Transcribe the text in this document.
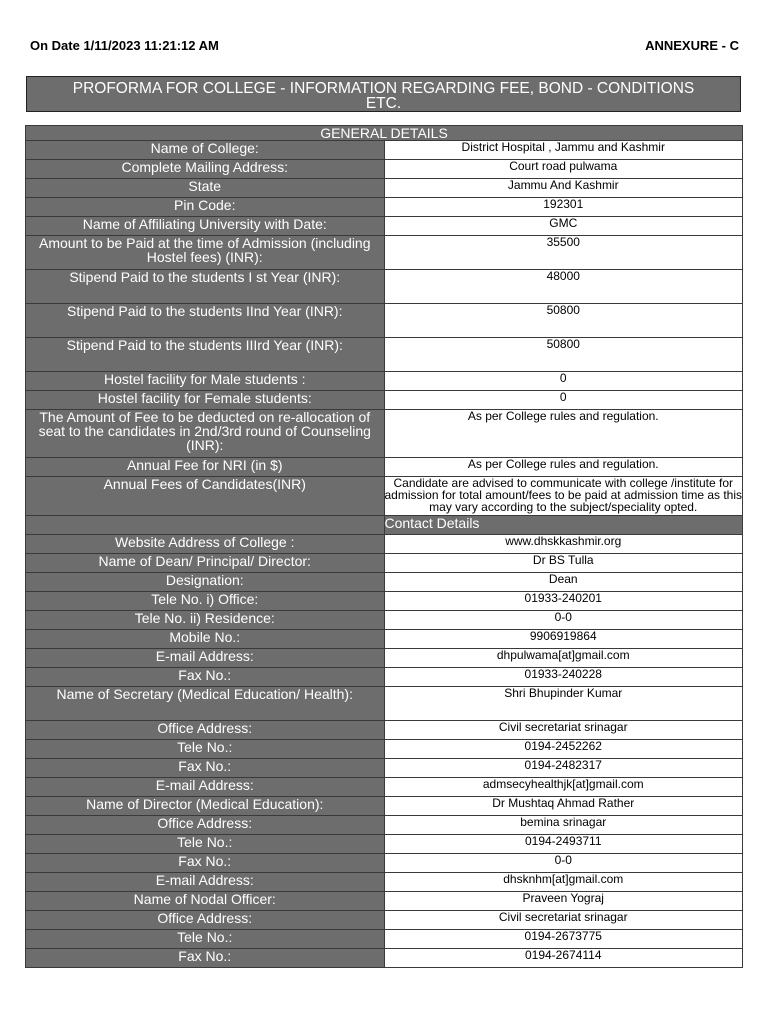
On Date 1/11/2023 11:21:12 AM	ANNEXURE - C
PROFORMA FOR COLLEGE - INFORMATION REGARDING FEE, BOND - CONDITIONS
ETC.
GENERAL DETAILS	
Name of College:	District Hospital , Jammu and Kashmir
Complete Mailing Address:	Court road pulwama
State	Jammu And Kashmir
Pin Code:	192301
Name of Affiliating University with Date:	GMC
Amount to be Paid at the time of Admission (including Hostel fees) (INR):	35500
Stipend Paid to the students I st Year (INR):	48000
Stipend Paid to the students IInd Year (INR):	50800
Stipend Paid to the students IIIrd Year (INR):	50800
Hostel facility for Male students :	0
Hostel facility for Female students:	0
The Amount of Fee to be deducted on re-allocation of seat to the candidates in 2nd/3rd round of Counseling (INR):	As per College rules and regulation.
Annual Fee for NRI (in $)	As per College rules and regulation.
Annual Fees of Candidates(INR)	Candidate are advised to communicate with college /institute for admission for total amount/fees to be paid at admission time as this may vary according to the subject/speciality opted.
	Contact Details
Website Address of College :	www.dhskkashmir.org
Name of Dean/ Principal/ Director:	Dr BS Tulla
Designation:	Dean
Tele No. i) Office:	01933-240201
Tele No. ii) Residence:	0-0
Mobile No.:	9906919864
E-mail Address:	dhpulwama[at]gmail.com
Fax No.:	01933-240228
Name of Secretary (Medical Education/ Health):	Shri Bhupinder Kumar
Office Address:	Civil secretariat srinagar
Tele No.:	0194-2452262
Fax No.:	0194-2482317
E-mail Address:	admsecyhealthjk[at]gmail.com
Name of Director (Medical Education):	Dr Mushtaq Ahmad Rather
Office Address:	bemina srinagar
Tele No.:	0194-2493711
Fax No.:	0-0
E-mail Address:	dhsknhm[at]gmail.com
Name of Nodal Officer:	Praveen Yograj
Office Address:	Civil secretariat srinagar
Tele No.:	0194-2673775
Fax No.:	0194-2674114
